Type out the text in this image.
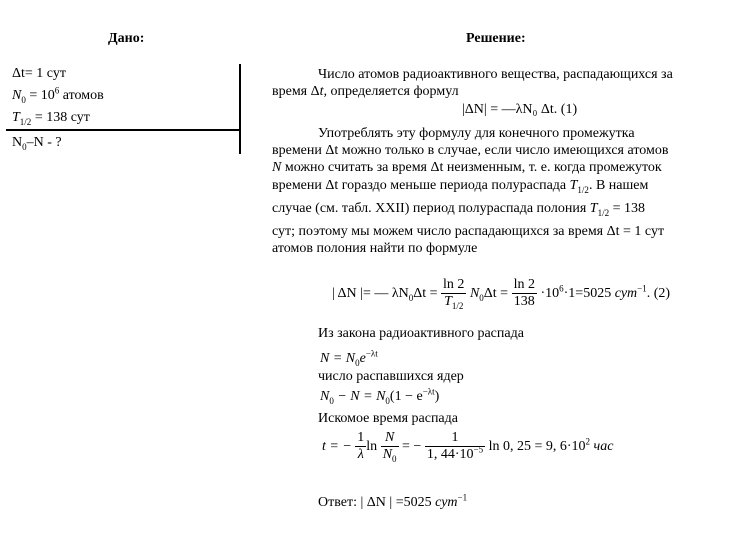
Дано:	Решение:
Δt= 1 сут
$N_0 = 10^6$ атомов
$T_{1/2} = 138$ сут
$N_0-N$ - ?
Число атомов радиоактивного вещества, распадающихся за
время Δt, определяется формул
|ΔN| = —λN₀ Δt. (1)
Употреблять эту формулу для конечного промежутка
времени Δt можно только в случае, если число имеющихся атомов
N можно считать за время Δt неизменным, т. е. когда промежуток
времени Δt гораздо меньше периода полураспада $T_{1/2}$. В нашем
случае (см. табл. XXII) период полураспада полония $T_{1/2} = 138$
сут; поэтому мы можем число распадающихся за время Δt = 1 сут
атомов полония найти по формуле
| ΔN |= — $\lambda N_0\Delta t = \frac{\ln 2}{T_{1/2}} N_0\Delta t = \frac{\ln 2}{138} \cdot 10^6\cdot 1=5025$ сут$^{-1}$. (2)
Из закона радиоактивного распада
$N = N_0e^{-\lambda t}$
число распавшихся ядер
$N_0 - N = N_0(1 - e^{-\lambda t})$
Искомое время распада
t = − $\frac{1}{\lambda}$ $\ln \frac{N}{N_0}$ = − $\frac{1}{1, 44\cdot 10^{-5}}$ ln 0, 25 = 9, $6\cdot 10^2$ час
Ответ: | ΔN | =5025 сут$^{-1}$
